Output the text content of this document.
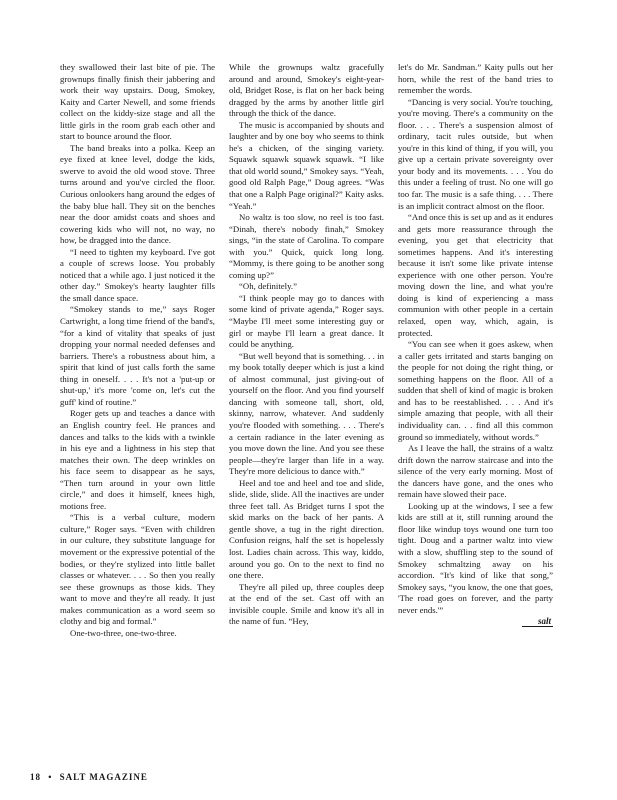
they swallowed their last bite of pie. The grownups finally finish their jabbering and work their way upstairs. Doug, Smokey, Kaity and Carter Newell, and some friends collect on the kiddy-size stage and all the little girls in the room grab each other and start to bounce around the floor.

The band breaks into a polka. Keep an eye fixed at knee level, dodge the kids, swerve to avoid the old wood stove. Three turns around and you've circled the floor. Curious onlookers hang around the edges of the baby blue hall. They sit on the benches near the door amidst coats and shoes and cowering kids who will not, no way, no how, be dragged into the dance.

“I need to tighten my keyboard. I've got a couple of screws loose. You probably noticed that a while ago. I just noticed it the other day.” Smokey's hearty laughter fills the small dance space.

“Smokey stands to me,” says Roger Cartwright, a long time friend of the band's, “for a kind of vitality that speaks of just dropping your normal needed defenses and barriers. There's a robustness about him, a spirit that kind of just calls forth the same thing in oneself. . . . It's not a 'put-up or shut-up,' it's more 'come on, let's cut the guff' kind of routine.”

Roger gets up and teaches a dance with an English country feel. He prances and dances and talks to the kids with a twinkle in his eye and a lightness in his step that matches their own. The deep wrinkles on his face seem to disappear as he says, “Then turn around in your own little circle,” and does it himself, knees high, motions free.

“This is a verbal culture, modern culture,” Roger says. “Even with children in our culture, they substitute language for movement or the expressive potential of the bodies, or they're stylized into little ballet classes or whatever. . . . So then you really see these grownups as those kids. They want to move and they're all ready. It just makes communication as a word seem so clothy and big and formal.”

One-two-three, one-two-three.

While the grownups waltz gracefully around and around, Smokey's eight-year-old, Bridget Rose, is flat on her back being dragged by the arms by another little girl through the thick of the dance.

The music is accompanied by shouts and laughter and by one boy who seems to think he's a chicken, of the singing variety. Squawk squawk squawk squawk. “I like that old world sound,” Smokey says. “Yeah, good old Ralph Page,” Doug agrees. “Was that one a Ralph Page original?” Kaity asks. “Yeah.”

No waltz is too slow, no reel is too fast. “Dinah, there's nobody finah,” Smokey sings, “in the state of Carolina. To compare with you.” Quick, quick long long. “Mommy, is there going to be another song coming up?”

“Oh, definitely.”

“I think people may go to dances with some kind of private agenda,” Roger says. “Maybe I'll meet some interesting guy or girl or maybe I'll learn a great dance. It could be anything.

“But well beyond that is something. . . in my book totally deeper which is just a kind of almost communal, just giving-out of yourself on the floor. And you find yourself dancing with someone tall, short, old, skinny, narrow, whatever. And suddenly you're flooded with something. . . . There's a certain radiance in the later evening as you move down the line. And you see these people—they're larger than life in a way. They're more delicious to dance with.”

Heel and toe and heel and toe and slide, slide, slide, slide. All the inactives are under three feet tall. As Bridget turns I spot the skid marks on the back of her pants. A gentle shove, a tug in the right direction. Confusion reigns, half the set is hopelessly lost. Ladies chain across. This way, kiddo, around you go. On to the next to find no one there.

They're all piled up, three couples deep at the end of the set. Cast off with an invisible couple. Smile and know it's all in the name of fun. “Hey,

let's do Mr. Sandman.” Kaity pulls out her horn, while the rest of the band tries to remember the words.

“Dancing is very social. You're touching, you're moving. There's a community on the floor. . . . There's a suspension almost of ordinary, tacit rules outside, but when you're in this kind of thing, if you will, you give up a certain private sovereignty over your body and its movements. . . . You do this under a feeling of trust. No one will go too far. The music is a safe thing. . . . There is an implicit contract almost on the floor.

“And once this is set up and as it endures and gets more reassurance through the evening, you get that electricity that sometimes happens. And it's interesting because it isn't some like private intense experience with one other person. You're moving down the line, and what you're doing is kind of experiencing a mass communion with other people in a certain relaxed, open way, which, again, is protected.

“You can see when it goes askew, when a caller gets irritated and starts banging on the people for not doing the right thing, or something happens on the floor. All of a sudden that shell of kind of magic is broken and has to be reestablished. . . . And it's simple amazing that people, with all their individuality can. . . find all this common ground so immediately, without words.”

As I leave the hall, the strains of a waltz drift down the narrow staircase and into the silence of the very early morning. Most of the dancers have gone, and the ones who remain have slowed their pace.

Looking up at the windows, I see a few kids are still at it, still running around the floor like windup toys wound one turn too tight. Doug and a partner waltz into view with a slow, shuffling step to the sound of Smokey schmaltzing away on his accordion. “It's kind of like that song,” Smokey says, “you know, the one that goes, 'The road goes on forever, and the party never ends.'”

salt
18 • SALT MAGAZINE
